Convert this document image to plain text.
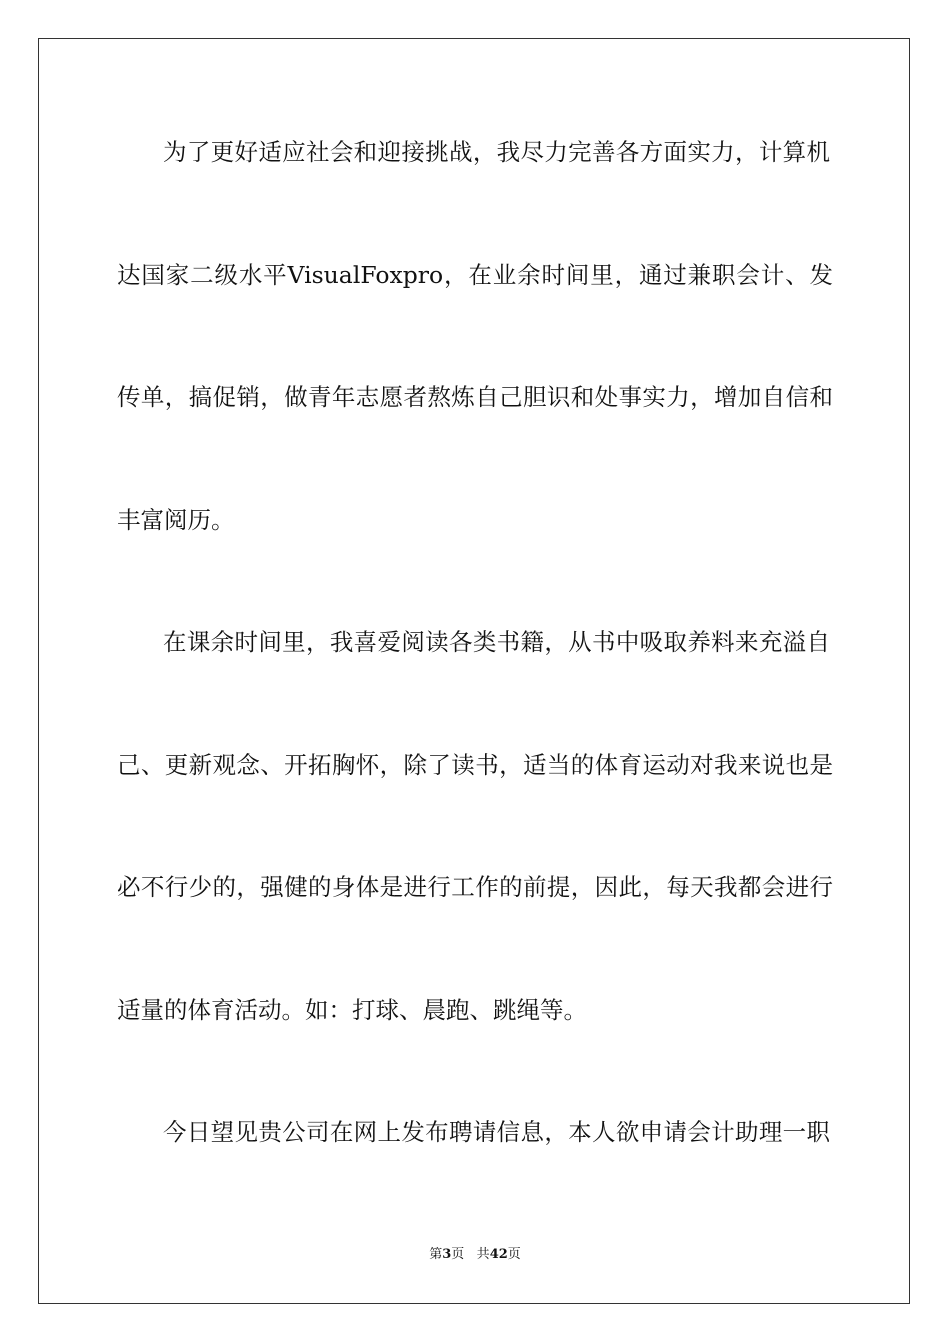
为了更好适应社会和迎接挑战，我尽力完善各方面实力，计算机
达国家二级水平VisualFoxpro，在业余时间里，通过兼职会计、发
传单，搞促销，做青年志愿者熬炼自己胆识和处事实力，增加自信和
丰富阅历。
在课余时间里，我喜爱阅读各类书籍，从书中吸取养料来充溢自
己、更新观念、开拓胸怀，除了读书，适当的体育运动对我来说也是
必不行少的，强健的身体是进行工作的前提，因此，每天我都会进行
适量的体育活动。如：打球、晨跑、跳绳等。
今日望见贵公司在网上发布聘请信息，本人欲申请会计助理一职
第3页 共42页
